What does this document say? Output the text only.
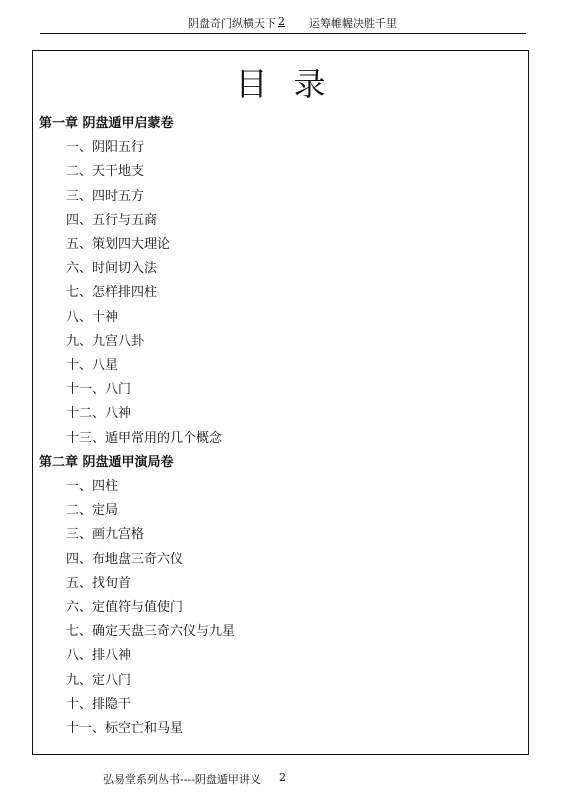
阴盘奇门纵横天下 2 运筹帷幄决胜千里
目录
第一章 阴盘遁甲启蒙卷
一、阴阳五行
二、天干地支
三、四时五方
四、五行与五商
五、策划四大理论
六、时间切入法
七、怎样排四柱
八、十神
九、九宫八卦
十、八星
十一、八门
十二、八神
十三、遁甲常用的几个概念
第二章 阴盘遁甲演局卷
一、四柱
二、定局
三、画九宫格
四、布地盘三奇六仪
五、找旬首
六、定值符与值使门
七、确定天盘三奇六仪与九星
八、排八神
九、定八门
十、排隐干
十一、标空亡和马星
弘易堂系列丛书----阴盘遁甲讲义 2
